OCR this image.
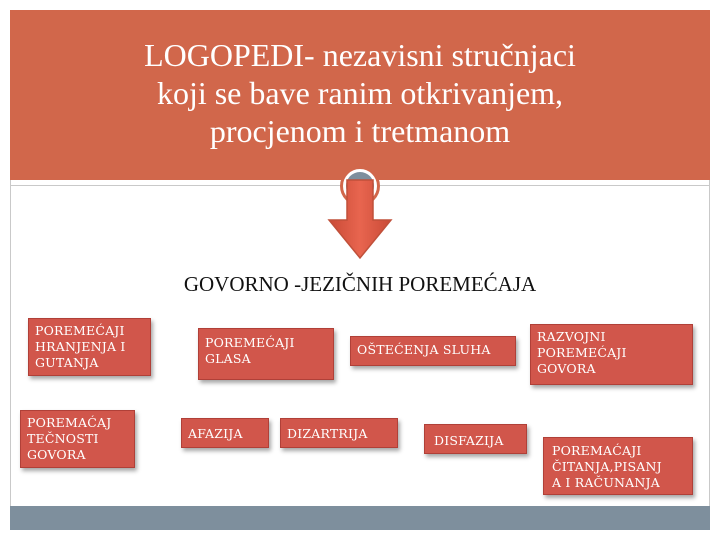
LOGOPEDI- nezavisni stručnjaci
koji se bave ranim otkrivanjem,
procjenom i tretmanom
GOVORNO -JEZIČNIH POREMEĆAJA
POREMEĆAJI
HRANJENJA I
GUTANJA
POREMEĆAJI
GLASA
OŠTEĆENJA SLUHA
RAZVOJNI
POREMEĆAJI
GOVORA
POREMAĆAJ
TEČNOSTI
GOVORA
AFAZIJA	DIZARTRIJA	DISFAZIJA
POREMAĆAJI
ČITANJA,PISANJ
A I RAČUNANJA
